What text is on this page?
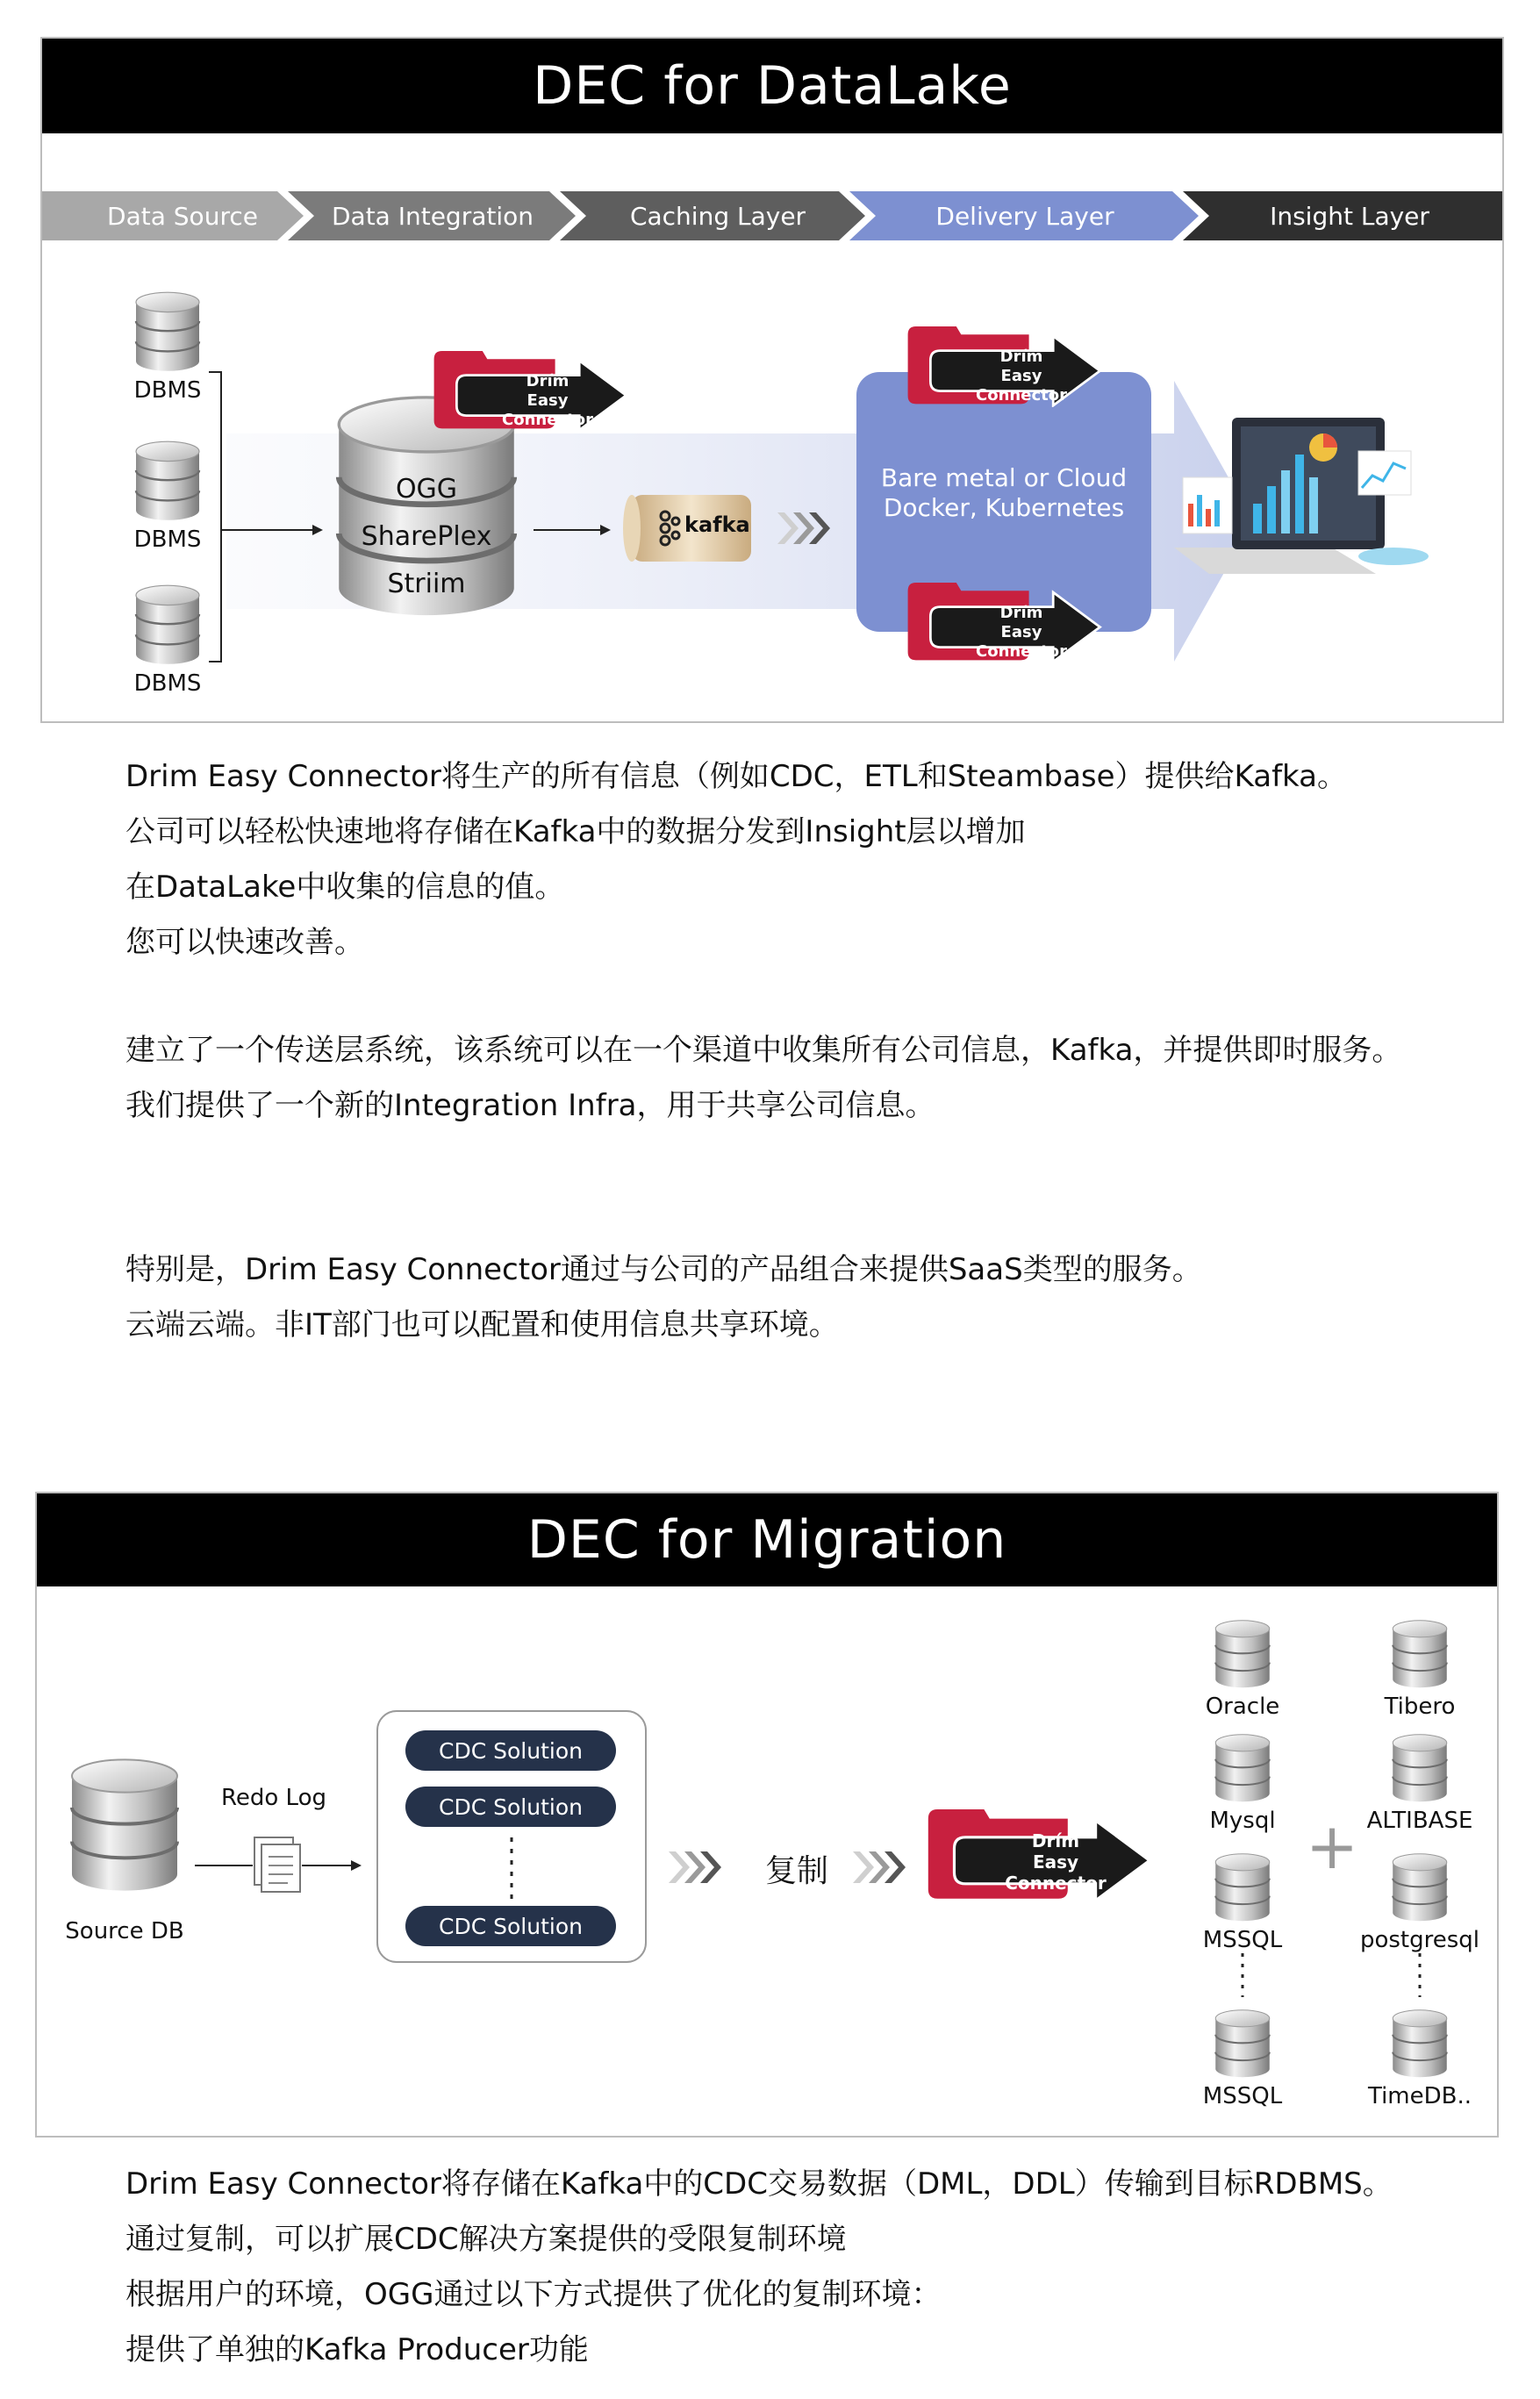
DEC for DataLake
Data Source	Data Integration	Caching Layer	Delivery Layer	Insight Layer
DBMS
DBMS
DBMS
OGG
SharePlex
Striim
kafka
Drím
Easy Connector
Drím
Easy Connector
Drím
Easy Connector
Bare metal or Cloud
Docker, Kubernetes
Drim Easy Connector将生产的所有信息（例如CDC，ETL和Steambase）提供给Kafka。
公司可以轻松快速地将存储在Kafka中的数据分发到Insight层以增加
在DataLake中收集的信息的值。
您可以快速改善。
建立了一个传送层系统，该系统可以在一个渠道中收集所有公司信息，Kafka，并提供即时服务。
我们提供了一个新的Integration Infra，用于共享公司信息。
特别是，Drim Easy Connector通过与公司的产品组合来提供SaaS类型的服务。
云端云端。非IT部门也可以配置和使用信息共享环境。
DEC for Migration
Source DB
Redo Log
CDC Solution
CDC Solution
CDC Solution
复制
Drím
Easy Connector
Oracle
Mysql
MSSQL
MSSQL
Tibero
ALTIBASE
postgresql
TimeDB..
+
Drim Easy Connector将存储在Kafka中的CDC交易数据（DML，DDL）传输到目标RDBMS。
通过复制，可以扩展CDC解决方案提供的受限复制环境
根据用户的环境，OGG通过以下方式提供了优化的复制环境：
提供了单独的Kafka Producer功能
